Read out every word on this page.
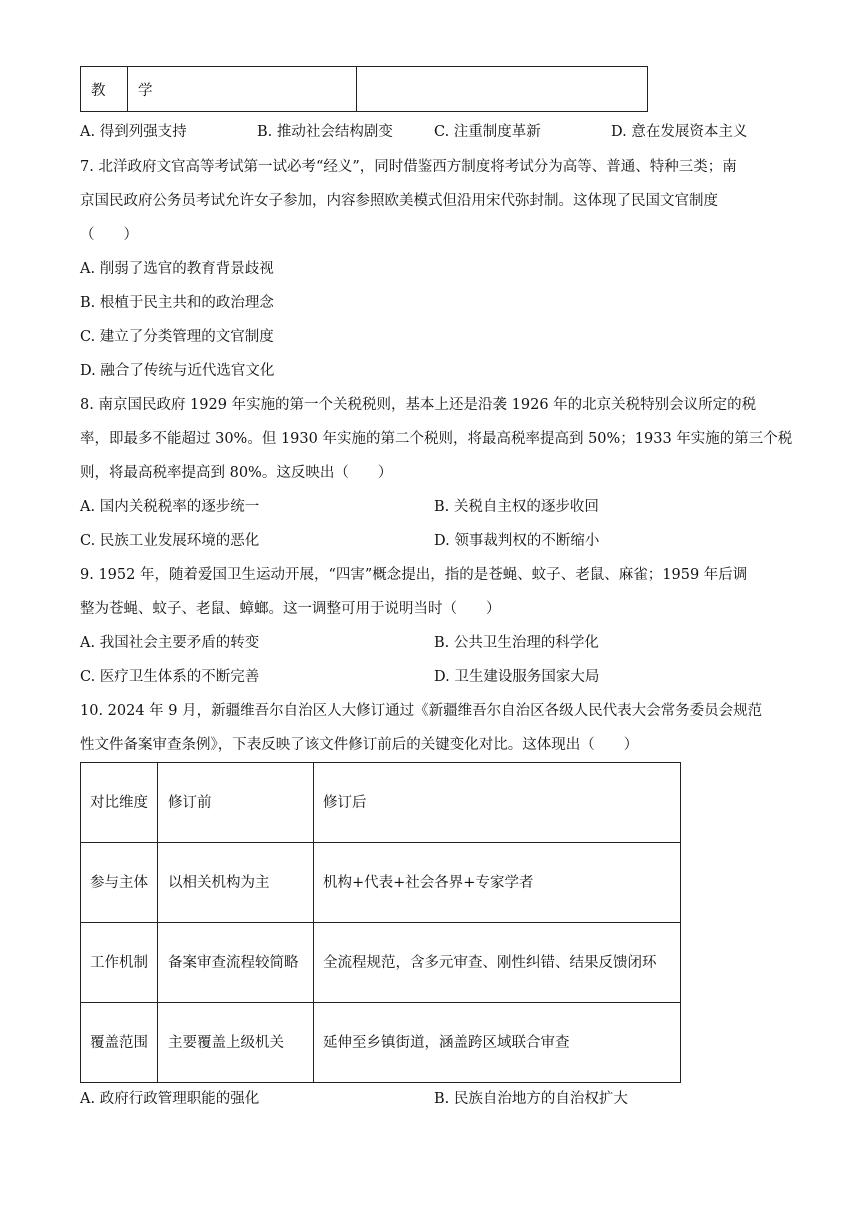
教	学	
A. 得到列强支持	B. 推动社会结构剧变	C. 注重制度革新	D. 意在发展资本主义
7. 北洋政府文官高等考试第一试必考“经义”，同时借鉴西方制度将考试分为高等、普通、特种三类；南
京国民政府公务员考试允许女子参加，内容参照欧美模式但沿用宋代弥封制。这体现了民国文官制度
（　　）
A. 削弱了选官的教育背景歧视
B. 根植于民主共和的政治理念
C. 建立了分类管理的文官制度
D. 融合了传统与近代选官文化
8. 南京国民政府 1929 年实施的第一个关税税则，基本上还是沿袭 1926 年的北京关税特别会议所定的税
率，即最多不能超过 30%。但 1930 年实施的第二个税则，将最高税率提高到 50%；1933 年实施的第三个税
则，将最高税率提高到 80%。这反映出（　　）
A. 国内关税税率的逐步统一	B. 关税自主权的逐步收回
C. 民族工业发展环境的恶化	D. 领事裁判权的不断缩小
9. 1952 年，随着爱国卫生运动开展，“四害”概念提出，指的是苍蝇、蚊子、老鼠、麻雀；1959 年后调
整为苍蝇、蚊子、老鼠、蟑螂。这一调整可用于说明当时（　　）
A. 我国社会主要矛盾的转变	B. 公共卫生治理的科学化
C. 医疗卫生体系的不断完善	D. 卫生建设服务国家大局
10. 2024 年 9 月，新疆维吾尔自治区人大修订通过《新疆维吾尔自治区各级人民代表大会常务委员会规范
性文件备案审查条例》，下表反映了该文件修订前后的关键变化对比。这体现出（　　）
对比维度	修订前	修订后
参与主体	以相关机构为主	机构+代表+社会各界+专家学者
工作机制	备案审查流程较简略	全流程规范，含多元审查、刚性纠错、结果反馈闭环
覆盖范围	主要覆盖上级机关	延伸至乡镇街道，涵盖跨区域联合审查
A. 政府行政管理职能的强化	B. 民族自治地方的自治权扩大
